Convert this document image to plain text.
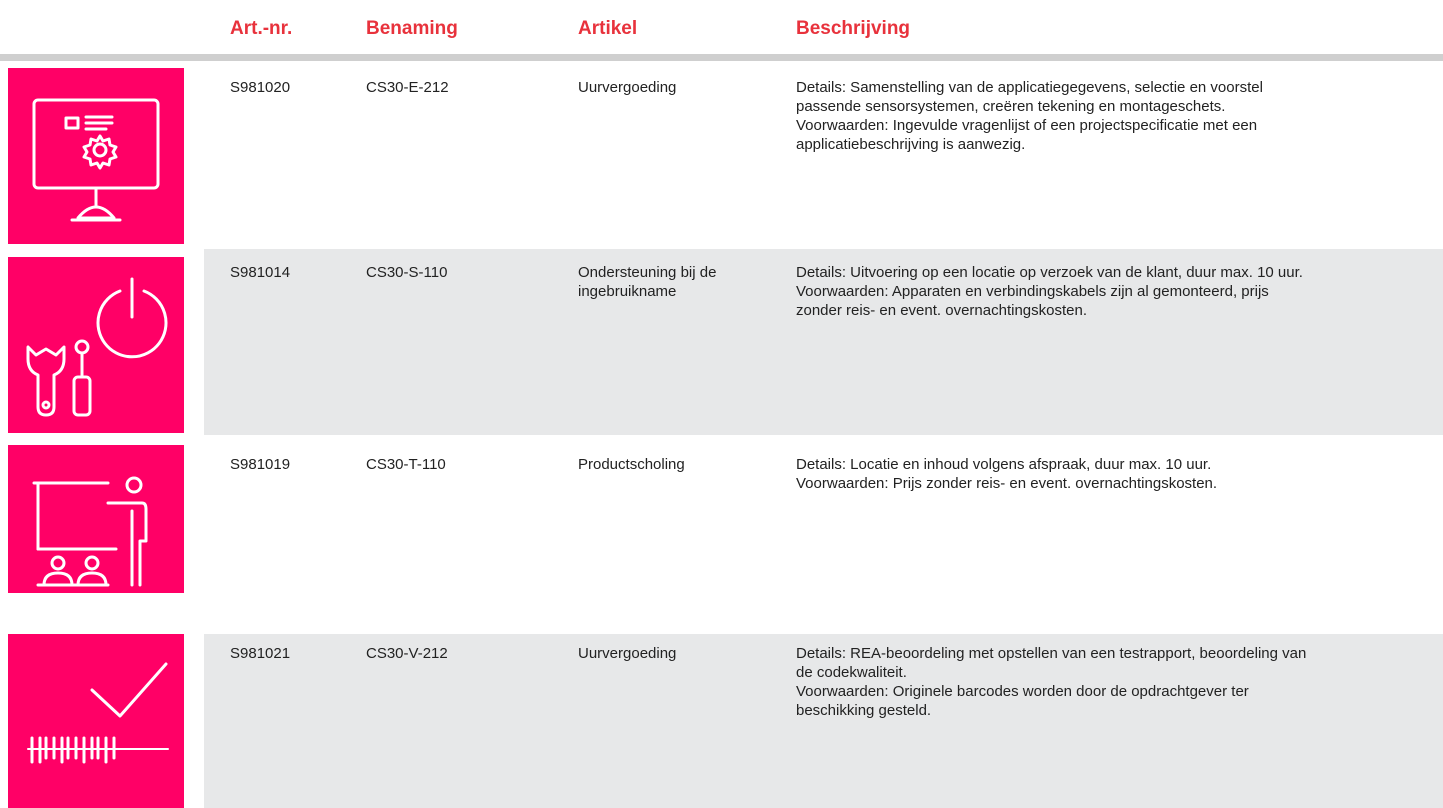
Art.-nr.	Benaming	Artikel	Beschrijving
S981020	CS30-E-212	Uurvergoeding	Details: Samenstelling van de applicatiegegevens, selectie en voorstel
passende sensorsystemen, creëren tekening en montageschets.
Voorwaarden: Ingevulde vragenlijst of een projectspecificatie met een
applicatiebeschrijving is aanwezig.
S981014	CS30-S-110	Ondersteuning bij de ingebruikname
Details: Uitvoering op een locatie op verzoek van de klant, duur max. 10 uur.
Voorwaarden: Apparaten en verbindingskabels zijn al gemonteerd, prijs
zonder reis- en event. overnachtingskosten.
S981019	CS30-T-110	Productscholing	Details: Locatie en inhoud volgens afspraak, duur max. 10 uur.
Voorwaarden: Prijs zonder reis- en event. overnachtingskosten.
S981021	CS30-V-212	Uurvergoeding	Details: REA-beoordeling met opstellen van een testrapport, beoordeling van
de codekwaliteit.
Voorwaarden: Originele barcodes worden door de opdrachtgever ter
beschikking gesteld.
